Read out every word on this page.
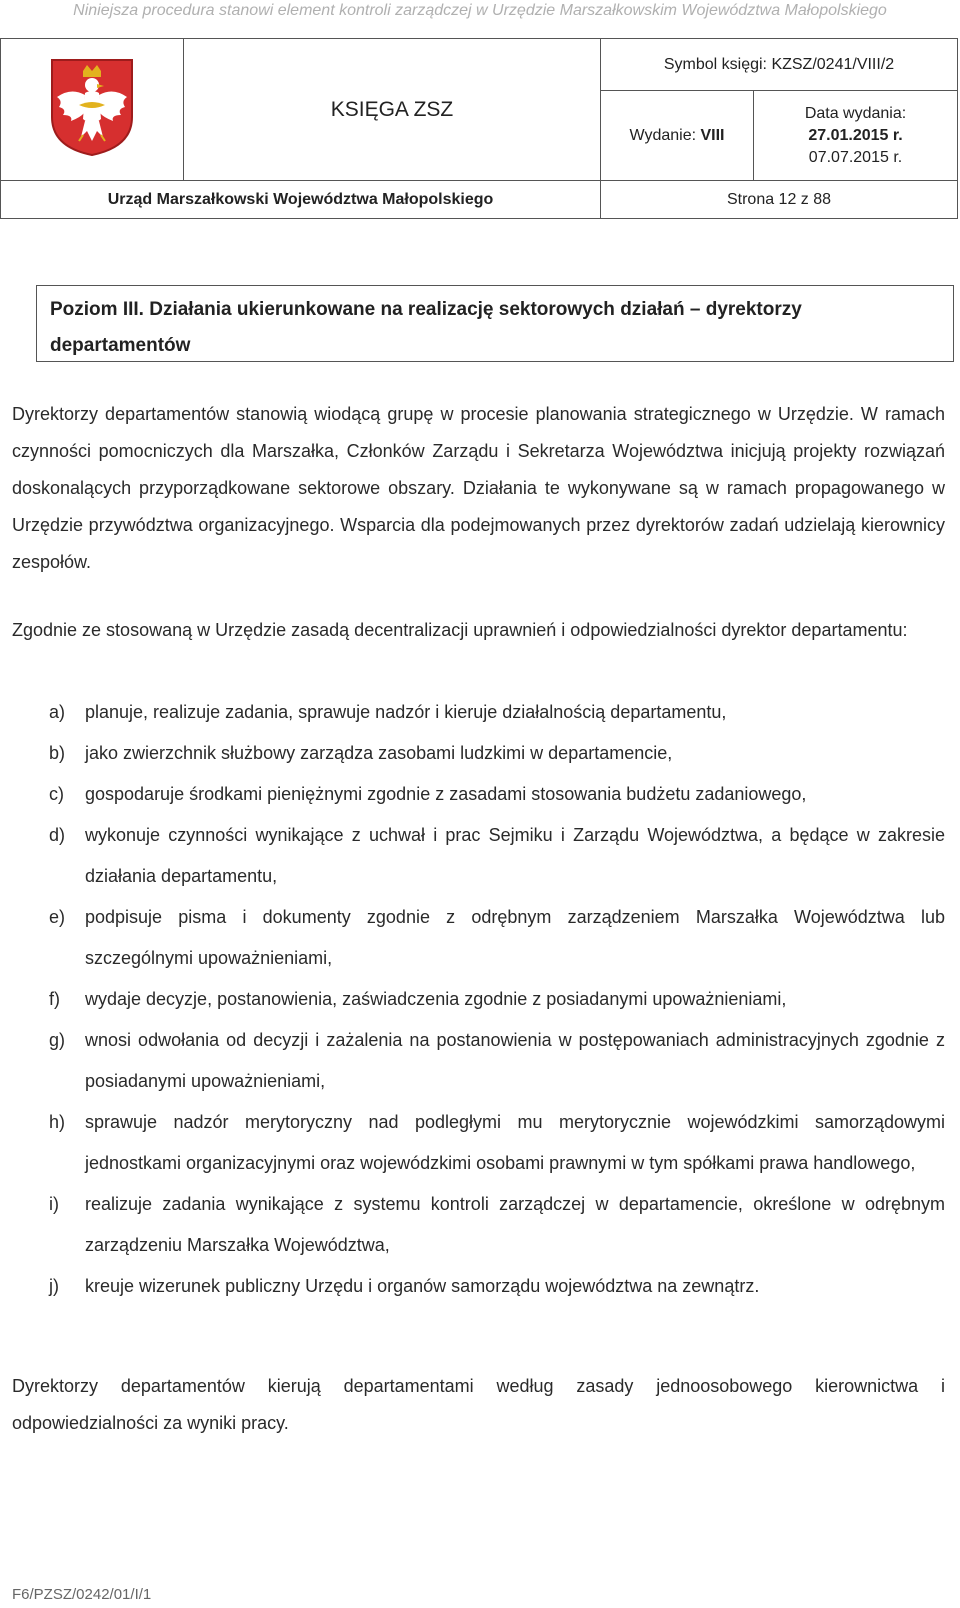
Niniejsza procedura stanowi element kontroli zarządczej w Urzędzie Marszałkowskim Województwa Małopolskiego
	KSIĘGA ZSZ	Symbol księgi: KZSZ/0241/VIII/2	
		Wydanie: VIII	Data wydania:
27.01.2015 r.
07.07.2015 r.

Urząd Marszałkowski Województwa Małopolskiego		Strona 12 z 88	
Poziom III. Działania ukierunkowane na realizację sektorowych działań – dyrektorzy departamentów

Dyrektorzy departamentów stanowią wiodącą grupę w procesie planowania strategicznego w Urzędzie. W ramach czynności pomocniczych dla Marszałka, Członków Zarządu i Sekretarza Województwa inicjują projekty rozwiązań doskonalących przyporządkowane sektorowe obszary. Działania te wykonywane są w ramach propagowanego w Urzędzie przywództwa organizacyjnego. Wsparcia dla podejmowanych przez dyrektorów zadań udzielają kierownicy zespołów.

Zgodnie ze stosowaną w Urzędzie zasadą decentralizacji uprawnień i odpowiedzialności dyrektor departamentu:

a) planuje, realizuje zadania, sprawuje nadzór i kieruje działalnością departamentu,
b) jako zwierzchnik służbowy zarządza zasobami ludzkimi w departamencie,
c) gospodaruje środkami pieniężnymi zgodnie z zasadami stosowania budżetu zadaniowego,
d) wykonuje czynności wynikające z uchwał i prac Sejmiku i Zarządu Województwa, a będące w zakresie działania departamentu,
e) podpisuje pisma i dokumenty zgodnie z odrębnym zarządzeniem Marszałka Województwa lub szczególnymi upoważnieniami,
f) wydaje decyzje, postanowienia, zaświadczenia zgodnie z posiadanymi upoważnieniami,
g) wnosi odwołania od decyzji i zażalenia na postanowienia w postępowaniach administracyjnych zgodnie z posiadanymi upoważnieniami,
h) sprawuje nadzór merytoryczny nad podległymi mu merytorycznie wojewódzkimi samorządowymi jednostkami organizacyjnymi oraz wojewódzkimi osobami prawnymi w tym spółkami prawa handlowego,
i) realizuje zadania wynikające z systemu kontroli zarządczej w departamencie, określone w odrębnym zarządzeniu Marszałka Województwa,
j) kreuje wizerunek publiczny Urzędu i organów samorządu województwa na zewnątrz.

Dyrektorzy departamentów kierują departamentami według zasady jednoosobowego kierownictwa i odpowiedzialności za wyniki pracy.

F6/PZSZ/0242/01/I/1
